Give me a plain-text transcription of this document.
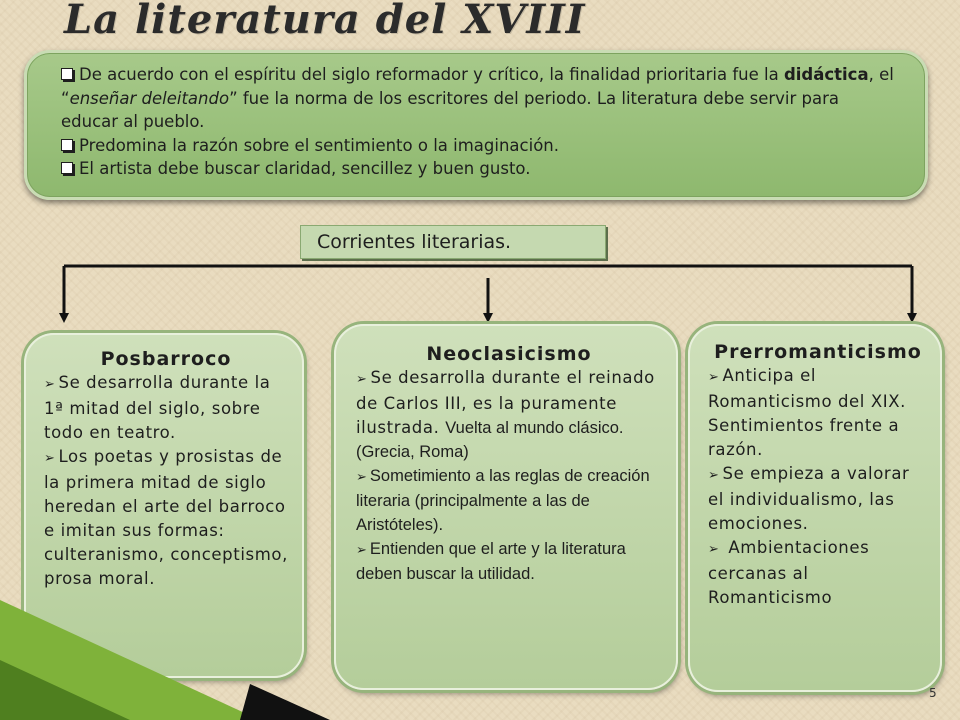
La literatura del XVIII

De acuerdo con el espíritu del siglo reformador y crítico, la finalidad prioritaria fue la didáctica, el “enseñar deleitando” fue la norma de los escritores del periodo. La literatura debe servir para educar al pueblo.

Predomina la razón sobre el sentimiento o la imaginación.

El artista debe buscar claridad, sencillez y buen gusto.

Corrientes literarias.
Posbarroco

➢ Se desarrolla durante la 1ª mitad del siglo, sobre todo en teatro.

➢ Los poetas y prosistas de la primera mitad de siglo heredan el arte del barroco e imitan sus formas: culteranismo, conceptismo, prosa moral.

Neoclasicismo

➢ Se desarrolla durante el reinado de Carlos III, es la puramente ilustrada. Vuelta al mundo clásico. (Grecia, Roma)

➢ Sometimiento a las reglas de creación literaria (principalmente a las de Aristóteles).

➢ Entienden que el arte y la literatura deben buscar la utilidad.

Prerromanticismo

➢ Anticipa el Romanticismo del XIX. Sentimientos frente a razón.

➢ Se empieza a valorar el individualismo, las emociones.

➢ Ambientaciones cercanas al Romanticismo

5
